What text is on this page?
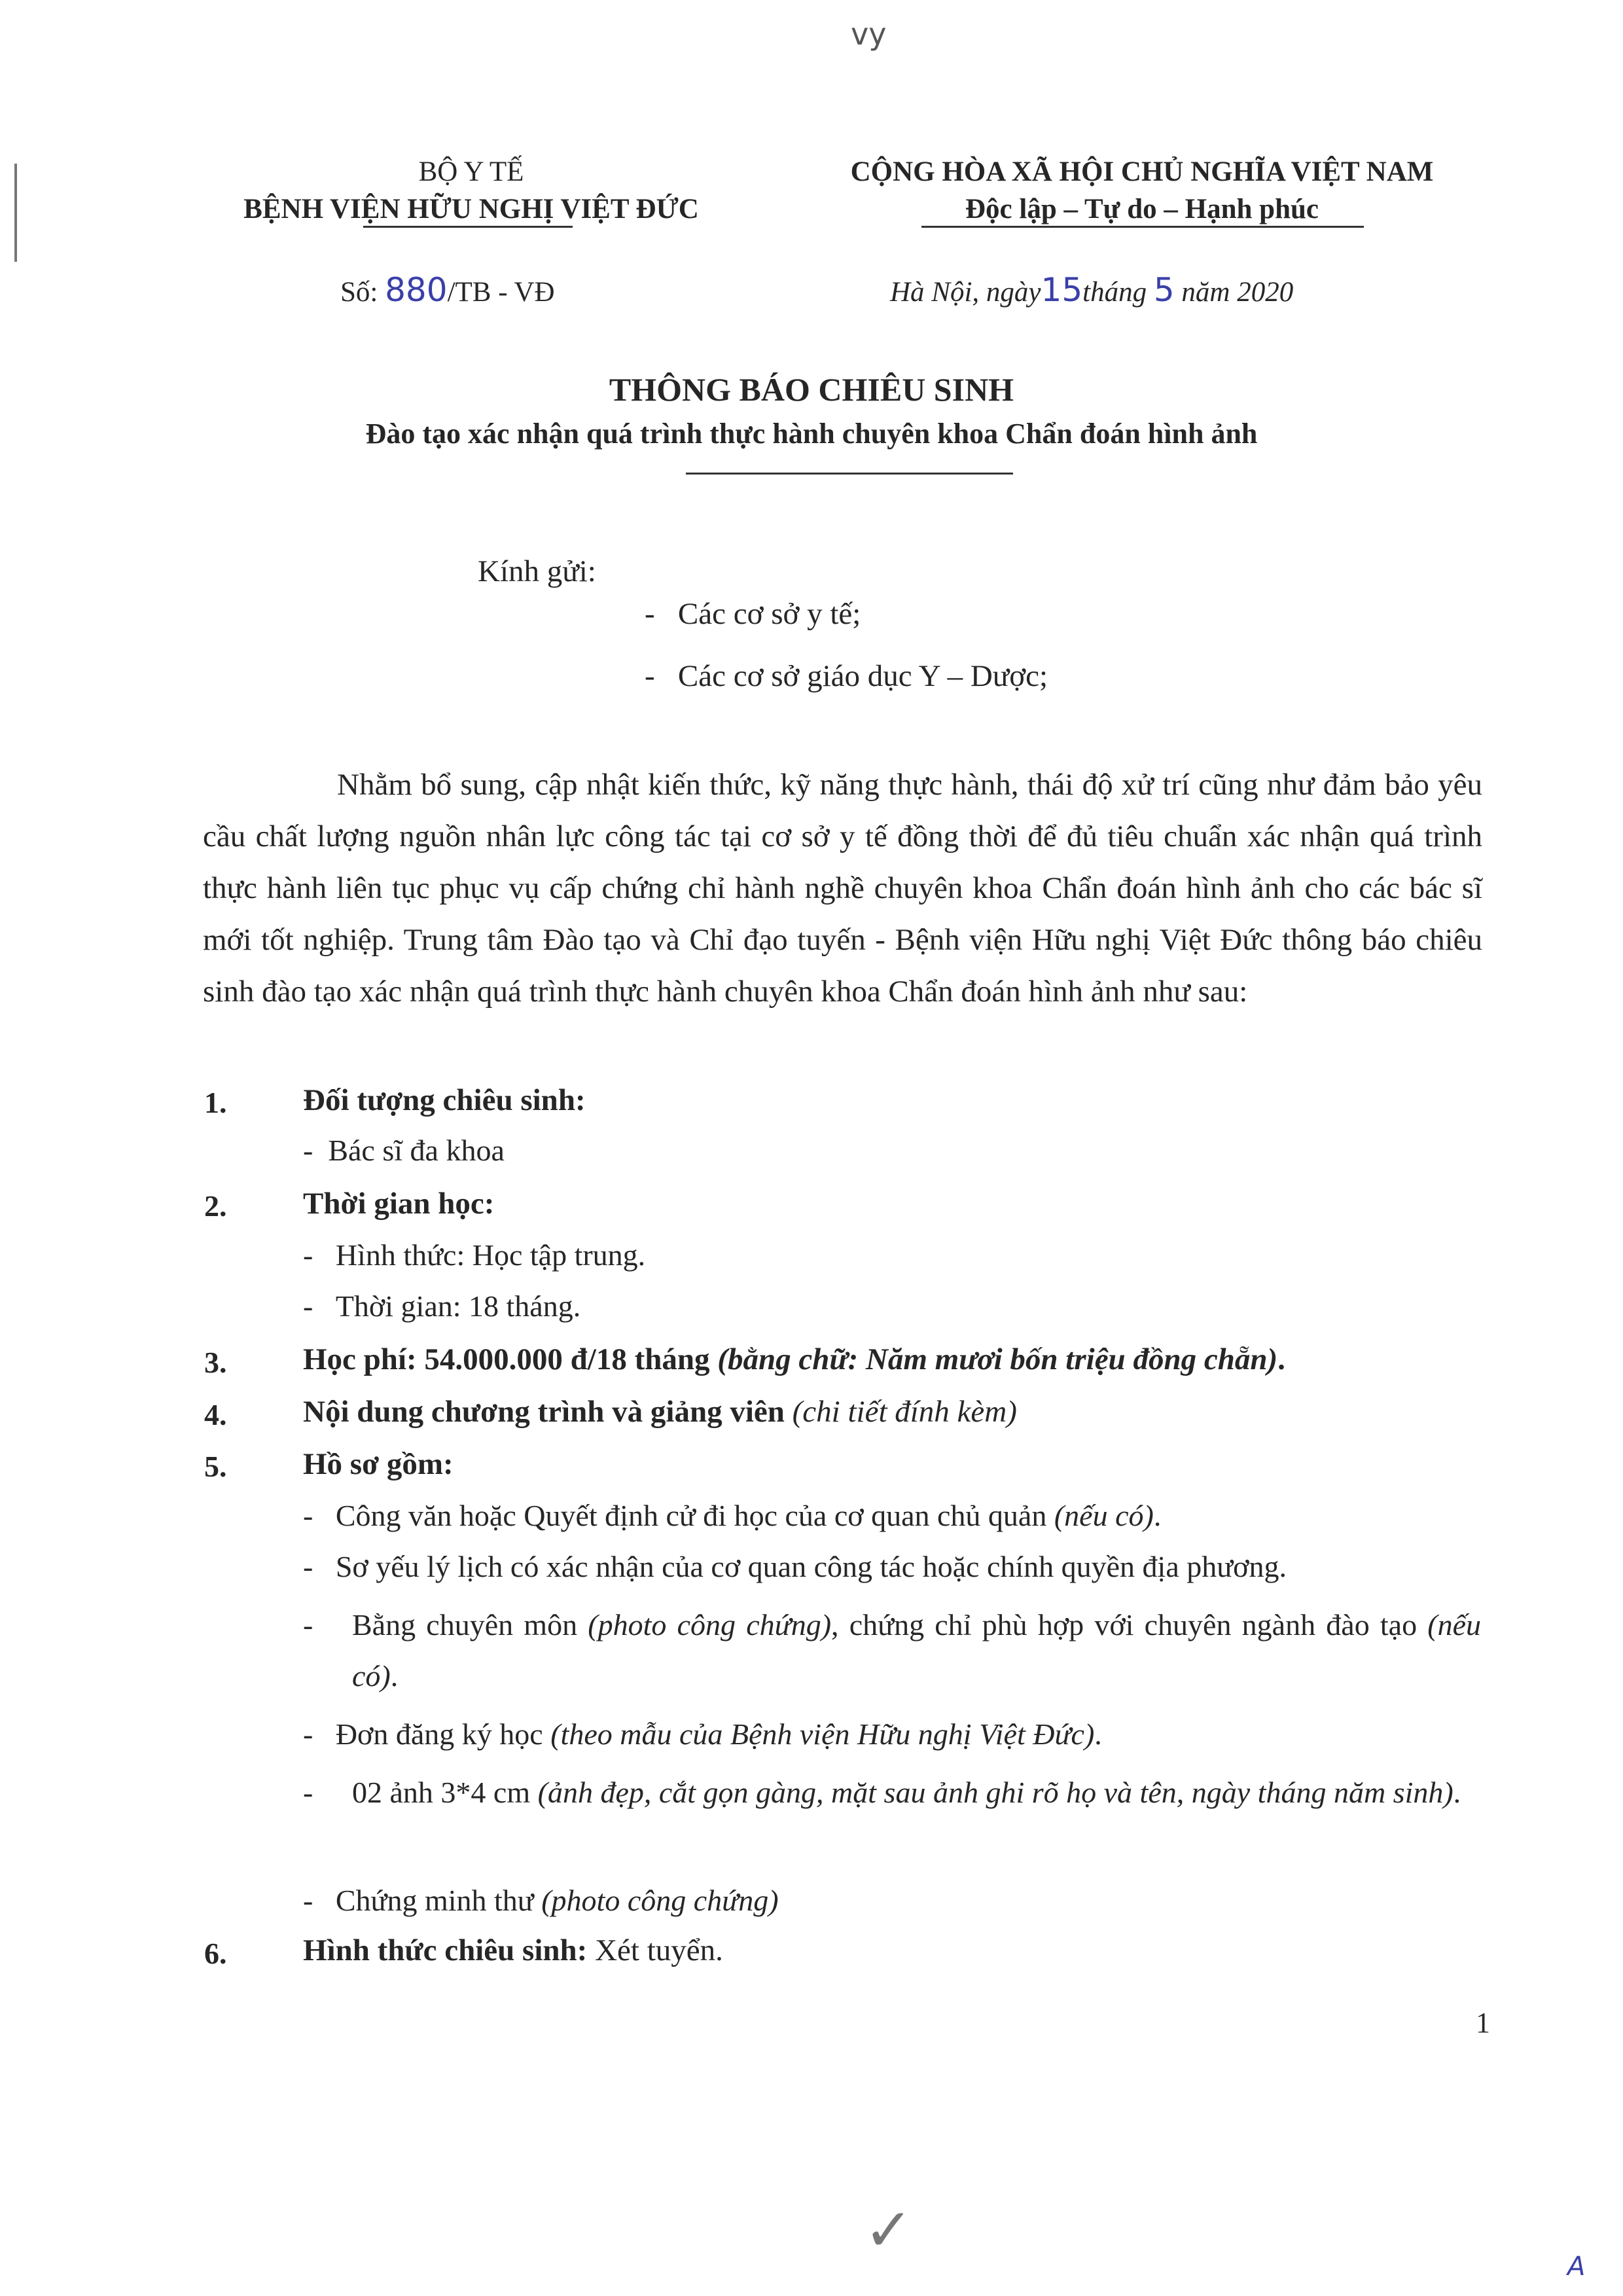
vy
BỘ Y TẾ
BỆNH VIỆN HỮU NGHỊ VIỆT ĐỨC
CỘNG HÒA XÃ HỘI CHỦ NGHĨA VIỆT NAM
Độc lập – Tự do – Hạnh phúc
Số: 880/TB - VĐ	Hà Nội, ngày15tháng 5 năm 2020
THÔNG BÁO CHIÊU SINH
Đào tạo xác nhận quá trình thực hành chuyên khoa Chẩn đoán hình ảnh
Kính gửi:
-   Các cơ sở y tế;
-   Các cơ sở giáo dục Y – Dược;
Nhằm bổ sung, cập nhật kiến thức, kỹ năng thực hành, thái độ xử trí cũng như đảm bảo yêu cầu chất lượng nguồn nhân lực công tác tại cơ sở y tế đồng thời để đủ tiêu chuẩn xác nhận quá trình thực hành liên tục phục vụ cấp chứng chỉ hành nghề chuyên khoa Chẩn đoán hình ảnh cho các bác sĩ mới tốt nghiệp. Trung tâm Đào tạo và Chỉ đạo tuyến - Bệnh viện Hữu nghị Việt Đức thông báo chiêu sinh đào tạo xác nhận quá trình thực hành chuyên khoa Chẩn đoán hình ảnh như sau:
1. Đối tượng chiêu sinh:
-  Bác sĩ đa khoa
2. Thời gian học:
-   Hình thức: Học tập trung.
-   Thời gian: 18 tháng.
3. Học phí: 54.000.000 đ/18 tháng (bằng chữ: Năm mươi bốn triệu đồng chẵn).
4. Nội dung chương trình và giảng viên (chi tiết đính kèm)
5. Hồ sơ gồm:
-   Công văn hoặc Quyết định cử đi học của cơ quan chủ quản (nếu có).
-   Sơ yếu lý lịch có xác nhận của cơ quan công tác hoặc chính quyền địa phương.
- Bằng chuyên môn (photo công chứng), chứng chỉ phù hợp với chuyên ngành đào tạo (nếu có).
-   Đơn đăng ký học (theo mẫu của Bệnh viện Hữu nghị Việt Đức).
- 02 ảnh 3*4 cm (ảnh đẹp, cắt gọn gàng, mặt sau ảnh ghi rõ họ và tên, ngày tháng năm sinh).
-   Chứng minh thư (photo công chứng)
6. Hình thức chiêu sinh: Xét tuyển.
1
✓
A
